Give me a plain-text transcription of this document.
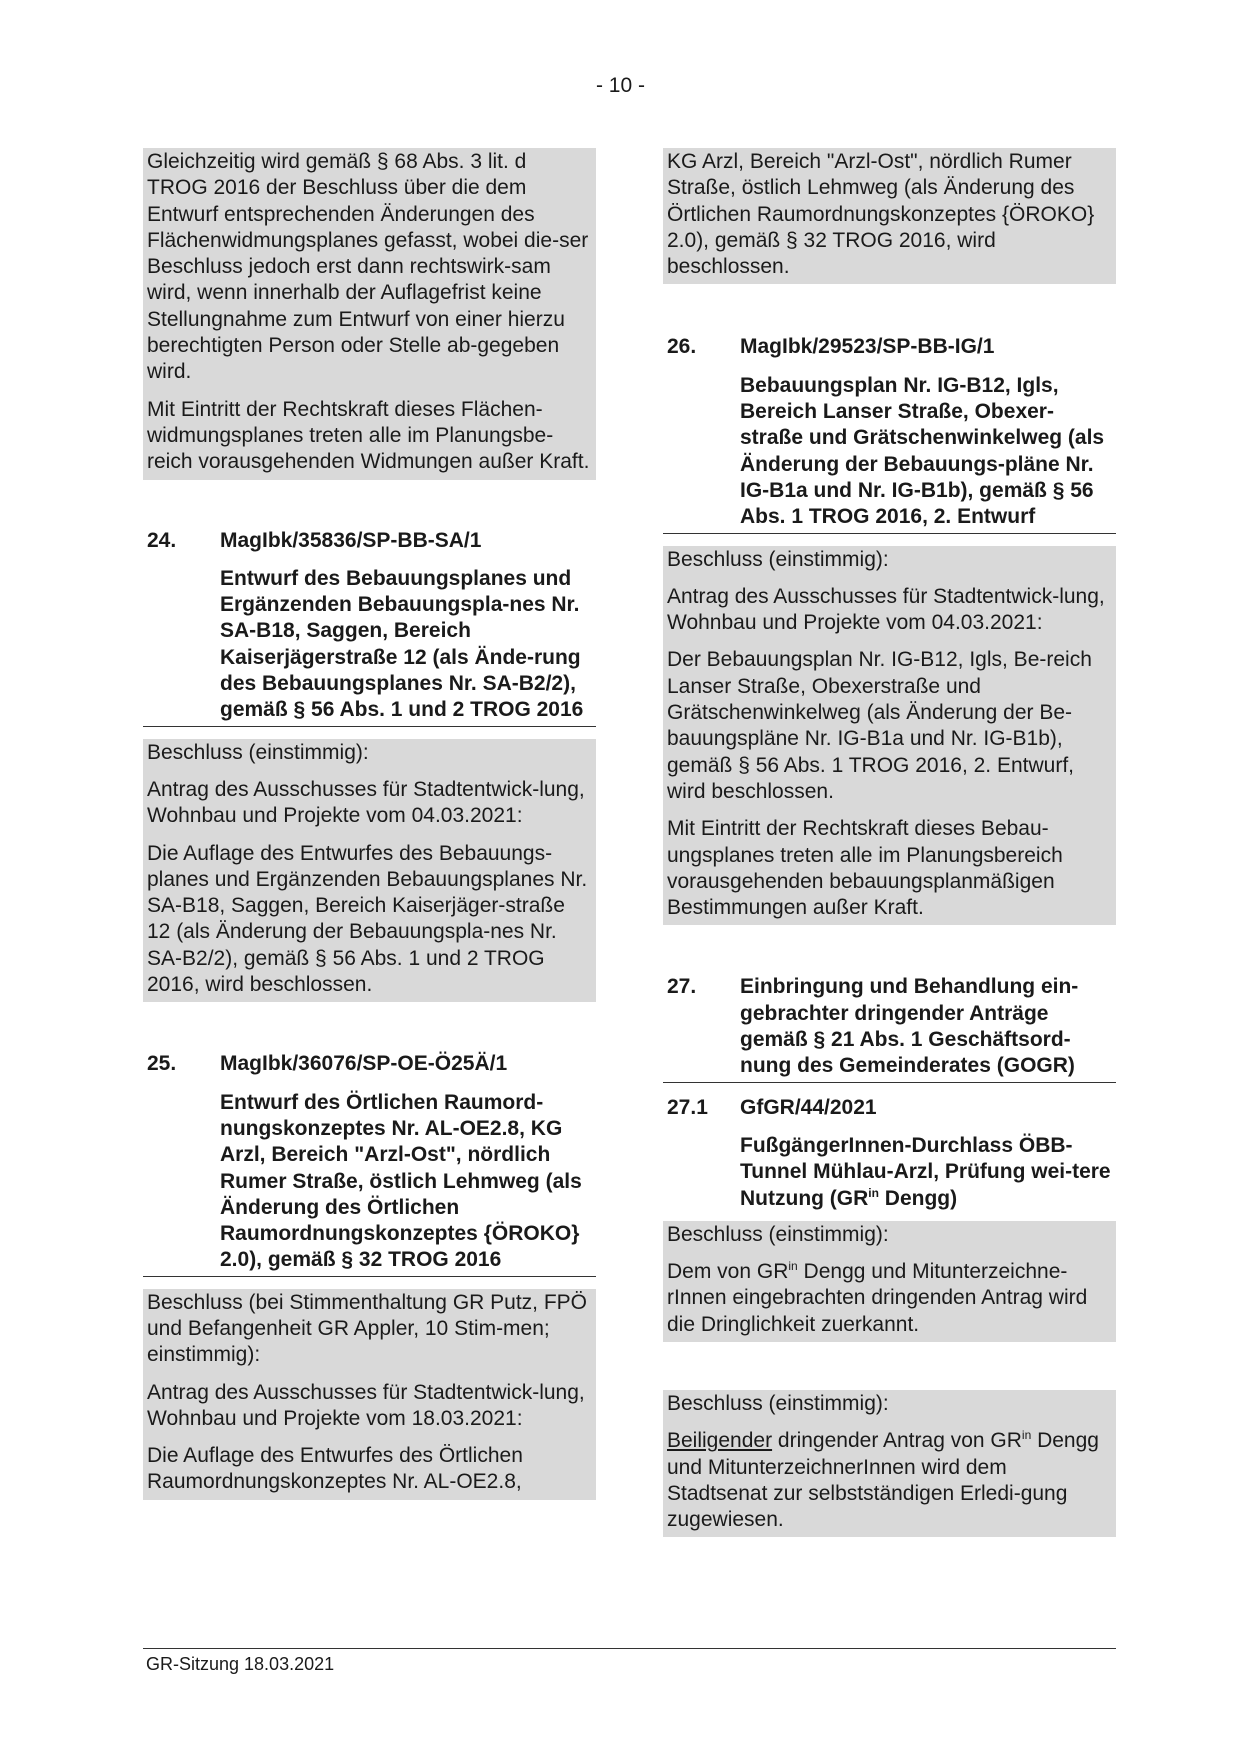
- 10 -

Gleichzeitig wird gemäß § 68 Abs. 3 lit. d TROG 2016 der Beschluss über die dem Entwurf entsprechenden Änderungen des Flächenwidmungsplanes gefasst, wobei die-ser Beschluss jedoch erst dann rechtswirk-sam wird, wenn innerhalb der Auflagefrist keine Stellungnahme zum Entwurf von einer hierzu berechtigten Person oder Stelle ab-gegeben wird.

Mit Eintritt der Rechtskraft dieses Flächen-widmungsplanes treten alle im Planungsbe-reich vorausgehenden Widmungen außer Kraft.

24.	MagIbk/35836/SP-BB-SA/1
Entwurf des Bebauungsplanes und Ergänzenden Bebauungspla-nes Nr. SA-B18, Saggen, Bereich Kaiserjägerstraße 12 (als Ände-rung des Bebauungsplanes Nr. SA-B2/2), gemäß § 56 Abs. 1 und 2 TROG 2016

Beschluss (einstimmig):

Antrag des Ausschusses für Stadtentwick-lung, Wohnbau und Projekte vom 04.03.2021:

Die Auflage des Entwurfes des Bebauungs-planes und Ergänzenden Bebauungsplanes Nr. SA-B18, Saggen, Bereich Kaiserjäger-straße 12 (als Änderung der Bebauungspla-nes Nr. SA-B2/2), gemäß § 56 Abs. 1 und 2 TROG 2016, wird beschlossen.

25.	MagIbk/36076/SP-OE-Ö25Ä/1
Entwurf des Örtlichen Raumord-nungskonzeptes Nr. AL-OE2.8, KG Arzl, Bereich "Arzl-Ost", nördlich Rumer Straße, östlich Lehmweg (als Änderung des Örtlichen Raumordnungskonzeptes {ÖROKO} 2.0), gemäß § 32 TROG 2016

Beschluss (bei Stimmenthaltung GR Putz, FPÖ und Befangenheit GR Appler, 10 Stim-men; einstimmig):

Antrag des Ausschusses für Stadtentwick-lung, Wohnbau und Projekte vom 18.03.2021:

Die Auflage des Entwurfes des Örtlichen Raumordnungskonzeptes Nr. AL-OE2.8,

KG Arzl, Bereich "Arzl-Ost", nördlich Rumer Straße, östlich Lehmweg (als Änderung des Örtlichen Raumordnungskonzeptes {ÖROKO} 2.0), gemäß § 32 TROG 2016, wird beschlossen.

26.	MagIbk/29523/SP-BB-IG/1
Bebauungsplan Nr. IG-B12, Igls, Bereich Lanser Straße, Obexer-straße und Grätschenwinkelweg (als Änderung der Bebauungs-pläne Nr. IG-B1a und Nr. IG-B1b), gemäß § 56 Abs. 1 TROG 2016, 2. Entwurf

Beschluss (einstimmig):

Antrag des Ausschusses für Stadtentwick-lung, Wohnbau und Projekte vom 04.03.2021:

Der Bebauungsplan Nr. IG-B12, Igls, Be-reich Lanser Straße, Obexerstraße und Grätschenwinkelweg (als Änderung der Be-bauungspläne Nr. IG-B1a und Nr. IG-B1b), gemäß § 56 Abs. 1 TROG 2016, 2. Entwurf, wird beschlossen.

Mit Eintritt der Rechtskraft dieses Bebau-ungsplanes treten alle im Planungsbereich vorausgehenden bebauungsplanmäßigen Bestimmungen außer Kraft.

27.	Einbringung und Behandlung ein-gebrachter dringender Anträge gemäß § 21 Abs. 1 Geschäftsord-nung des Gemeinderates (GOGR)
27.1	GfGR/44/2021
FußgängerInnen-Durchlass ÖBB-Tunnel Mühlau-Arzl, Prüfung wei-tere Nutzung ($GR^{in}$ Dengg)

Beschluss (einstimmig):

Dem von $GR^{in}$ Dengg und Mitunterzeichne-rInnen eingebrachten dringenden Antrag wird die Dringlichkeit zuerkannt.

Beschluss (einstimmig):

Beiligender dringender Antrag von $GR^{in}$ Dengg und MitunterzeichnerInnen wird dem Stadtsenat zur selbstständigen Erledi-gung zugewiesen.

GR-Sitzung 18.03.2021
